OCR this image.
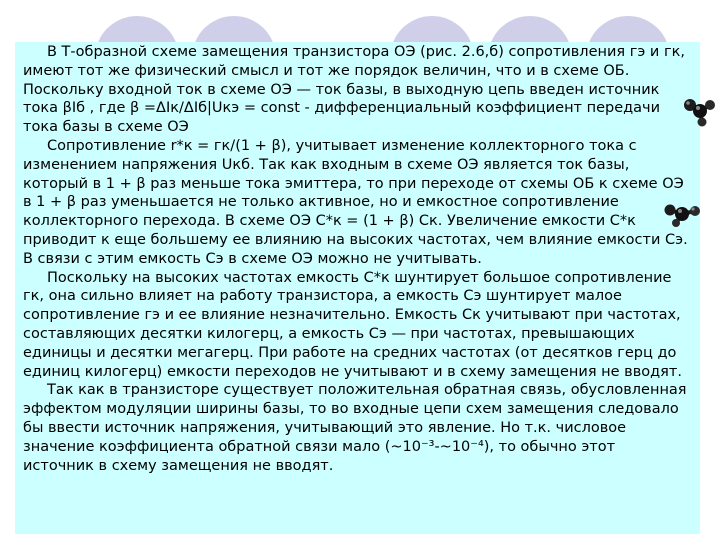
В Т-образной схеме замещения транзистора ОЭ (рис. 2.6,б) сопротивления гэ и гк, имеют тот же физический смысл и тот же порядок величин, что и в схеме ОБ. Поскольку входной ток в схеме ОЭ — ток базы, в выходную цепь введен источник тока βIб , где β =ΔIк/ΔIб|Uкэ = const - дифференциальный коэффициент передачи тока базы в схеме ОЭ

Сопротивление r*к = гк/(1 + β), учитывает изменение коллекторного тока с изменением напряжения Uкб. Так как входным в схеме ОЭ является ток базы, который в 1 + β раз меньше тока эмиттера, то при переходе от схемы ОБ к схеме ОЭ в 1 + β раз уменьшается не только активное, но и емкостное сопротивление коллекторного перехода. В схеме ОЭ С*к = (1 + β) Ск. Увеличение емкости С*к приводит к еще большему ее влиянию на высоких частотах, чем влияние емкости Сэ. В связи с этим емкость Сэ в схеме ОЭ можно не учитывать.

Поскольку на высоких частотах емкость С*к шунтирует большое сопротивление гк, она сильно влияет на работу транзистора, а емкость Сэ шунтирует малое сопротивление гэ и ее влияние незначительно. Емкость Ск учитывают при частотах, составляющих десятки килогерц, а емкость Сэ — при частотах, превышающих единицы и десятки мегагерц. При работе на средних частотах (от десятков герц до единиц килогерц) емкости переходов не учитывают и в схему замещения не вводят.

Так как в транзисторе существует положительная обратная связь, обусловленная эффектом модуляции ширины базы, то во входные цепи схем замещения следовало бы ввести источник напряжения, учитывающий это явление. Но т.к. числовое значение коэффициента обратной связи мало (~10⁻³-~10⁻⁴), то обычно этот источник в схему замещения не вводят.
